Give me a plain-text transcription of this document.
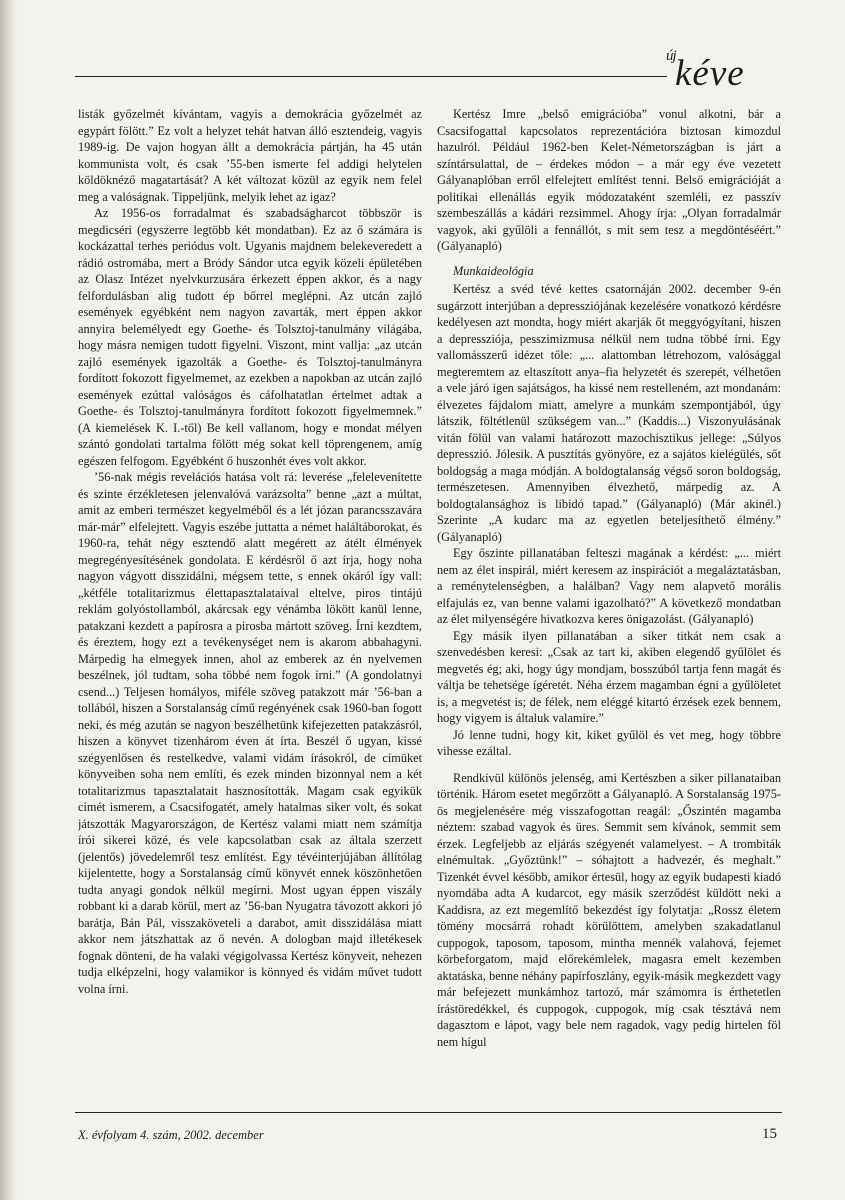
új kéve

listák győzelmét kívántam, vagyis a demokrácia győzelmét az egypárt fölött.” Ez volt a helyzet tehát hatvan álló esztendeig, vagyis 1989-ig. De vajon hogyan állt a demokrácia pártján, ha 45 után kommunista volt, és csak ’55-ben ismerte fel addigi helytelen köldöknéző magatartását? A két változat közül az egyik nem felel meg a valóságnak. Tippeljünk, melyik lehet az igaz?

Az 1956-os forradalmat és szabadságharcot többször is megdicséri (egyszerre legtöbb két mondatban). Ez az ő számára is kockázattal terhes periódus volt. Ugyanis majdnem belekeveredett a rádió ostromába, mert a Bródy Sándor utca egyik közeli épületében az Olasz Intézet nyelvkurzusára érkezett éppen akkor, és a nagy felfordulásban alig tudott ép bőrrel meglépni. Az utcán zajló események egyébként nem nagyon zavarták, mert éppen akkor annyira belemélyedt egy Goethe- és Tolsztoj-tanulmány világába, hogy másra nemigen tudott figyelni. Viszont, mint vallja: „az utcán zajló események igazolták a Goethe- és Tolsztoj-tanulmányra fordított fokozott figyelmemet, az ezekben a napokban az utcán zajló események ezúttal valóságos és cáfolhatatlan értelmet adtak a Goethe- és Tolsztoj-tanulmányra fordított fokozott figyelmemnek.” (A kiemelések K. I.-től) Be kell vallanom, hogy e mondat mélyen szántó gondolati tartalma fölött még sokat kell töprengenem, amíg egészen felfogom. Egyébként ő huszonhét éves volt akkor.

’56-nak mégis revelációs hatása volt rá: leverése „felelevenítette és szinte érzékletesen jelenvalóvá varázsolta” benne „azt a múltat, amit az emberi természet kegyelméből és a lét józan parancsszavára már-már” elfelejtett. Vagyis eszébe juttatta a német haláltáborokat, és 1960-ra, tehát négy esztendő alatt megérett az átélt élmények megregényesítésének gondolata. E kérdésről ő azt írja, hogy noha nagyon vágyott disszidálni, mégsem tette, s ennek okáról így vall: „kétféle totalitarizmus élettapasztalataival eltelve, piros tintájú reklám golyóstollamból, akárcsak egy vénámba lökött kanül lenne, patakzani kezdett a papírosra a pirosba mártott szöveg. Írni kezdtem, és éreztem, hogy ezt a tevékenységet nem is akarom abbahagyni. Márpedig ha elmegyek innen, ahol az emberek az én nyelvemen beszélnek, jól tudtam, soha többé nem fogok írni.” (A gondolatnyi csend...) Teljesen homályos, miféle szöveg patakzott már ’56-ban a tollából, hiszen a Sorstalanság című regényének csak 1960-ban fogott neki, és még azután se nagyon beszélhetünk kifejezetten patakzásról, hiszen a könyvet tizenhárom éven át írta. Beszél ő ugyan, kissé szégyenlősen és restelkedve, valami vidám írásokról, de címüket könyveiben soha nem említi, és ezek minden bizonnyal nem a két totalitarizmus tapasztalatait hasznosították. Magam csak egyikük címét ismerem, a Csacsifogatét, amely hatalmas siker volt, és sokat játszották Magyarországon, de Kertész valami miatt nem számítja írói sikerei közé, és vele kapcsolatban csak az általa szerzett (jelentős) jövedelemről tesz említést. Egy tévéinterjújában állítólag kijelentette, hogy a Sorstalanság című könyvét ennek köszönhetően tudta anyagi gondok nélkül megírni. Most ugyan éppen viszály robbant ki a darab körül, mert az ’56-ban Nyugatra távozott akkori jó barátja, Bán Pál, visszaköveteli a darabot, amit disszidálása miatt akkor nem játszhattak az ő nevén. A dologban majd illetékesek fognak dönteni, de ha valaki végigolvassa Kertész könyveit, nehezen tudja elképzelni, hogy valamikor is könnyed és vidám művet tudott volna írni.

Kertész Imre „belső emigrációba” vonul alkotni, bár a Csacsifogattal kapcsolatos reprezentációra biztosan kimozdul hazulról. Például 1962-ben Kelet-Németországban is járt a színtársulattal, de – érdekes módon – a már egy éve vezetett Gályanaplóban erről elfelejtett említést tenni. Belső emigrációját a politikai ellenállás egyik módozataként szemléli, ez passzív szembeszállás a kádári rezsimmel. Ahogy írja: „Olyan forradalmár vagyok, aki gyűlöli a fennállót, s mit sem tesz a megdöntéséért.” (Gályanapló)

Munkaideológia

Kertész a svéd tévé kettes csatornáján 2002. december 9-én sugárzott interjúban a depressziójának kezelésére vonatkozó kérdésre kedélyesen azt mondta, hogy miért akarják őt meggyógyítani, hiszen a depressziója, pesszimizmusa nélkül nem tudna többé írni. Egy vallomásszerű idézet tőle: „... alattomban létrehozom, valósággal megteremtem az eltaszított anya–fia helyzetét és szerepét, vélhetően a vele járó igen sajátságos, ha kissé nem restelleném, azt mondanám: élvezetes fájdalom miatt, amelyre a munkám szempontjából, úgy látszik, föltétlenül szükségem van...” (Kaddis...) Viszonyulásának vitán fölül van valami határozott mazochisztikus jellege: „Súlyos depresszió. Jólesik. A pusztítás gyönyöre, ez a sajátos kielégülés, sőt boldogság a maga módján. A boldogtalanság végső soron boldogság, természetesen. Amennyiben élvezhető, márpedig az. A boldogtalansághoz is libidó tapad.” (Gályanapló) (Már akinél.) Szerinte „A kudarc ma az egyetlen beteljesíthető élmény.” (Gályanapló)

Egy őszinte pillanatában felteszi magának a kérdést: „... miért nem az élet inspirál, miért keresem az inspirációt a megaláztatásban, a reménytelenségben, a halálban? Vagy nem alapvető morális elfajulás ez, van benne valami igazolható?” A következő mondatban az élet milyenségére hivatkozva keres önigazolást. (Gályanapló)

Egy másik ilyen pillanatában a siker titkát nem csak a szenvedésben keresi: „Csak az tart ki, akiben elegendő gyűlölet és megvetés ég; aki, hogy úgy mondjam, bosszúból tartja fenn magát és váltja be tehetsége ígéretét. Néha érzem magamban égni a gyűlöletet is, a megvetést is; de félek, nem eléggé kitartó érzések ezek bennem, hogy vigyem is általuk valamire.”

Jó lenne tudni, hogy kit, kiket gyűlöl és vet meg, hogy többre vihesse ezáltal.

Rendkívül különös jelenség, ami Kertészben a siker pillanataiban történik. Három esetet megőrzött a Gályanapló. A Sorstalanság 1975-ös megjelenésére még visszafogottan reagál: „Őszintén magamba néztem: szabad vagyok és üres. Semmit sem kívánok, semmit sem érzek. Legfeljebb az eljárás szégyenét valamelyest. – A trombiták elnémultak. „Győztünk!” – sóhajtott a hadvezér, és meghalt.” Tizenkét évvel később, amikor értesül, hogy az egyik budapesti kiadó nyomdába adta A kudarcot, egy másik szerződést küldött neki a Kaddisra, az ezt megemlítő bekezdést így folytatja: „Rossz életem tömény mocsárrá rohadt körülöttem, amelyben szakadatlanul cuppogok, taposom, taposom, mintha mennék valahová, fejemet körbeforgatom, majd előrekémlelek, magasra emelt kezemben aktatáska, benne néhány papírfoszlány, egyik-másik megkezdett vagy már befejezett munkámhoz tartozó, már számomra is érthetetlen írástöredékkel, és cuppogok, cuppogok, míg csak tésztává nem dagasztom e lápot, vagy bele nem ragadok, vagy pedig hirtelen föl nem hígul

X. évfolyam 4. szám, 2002. december	15
